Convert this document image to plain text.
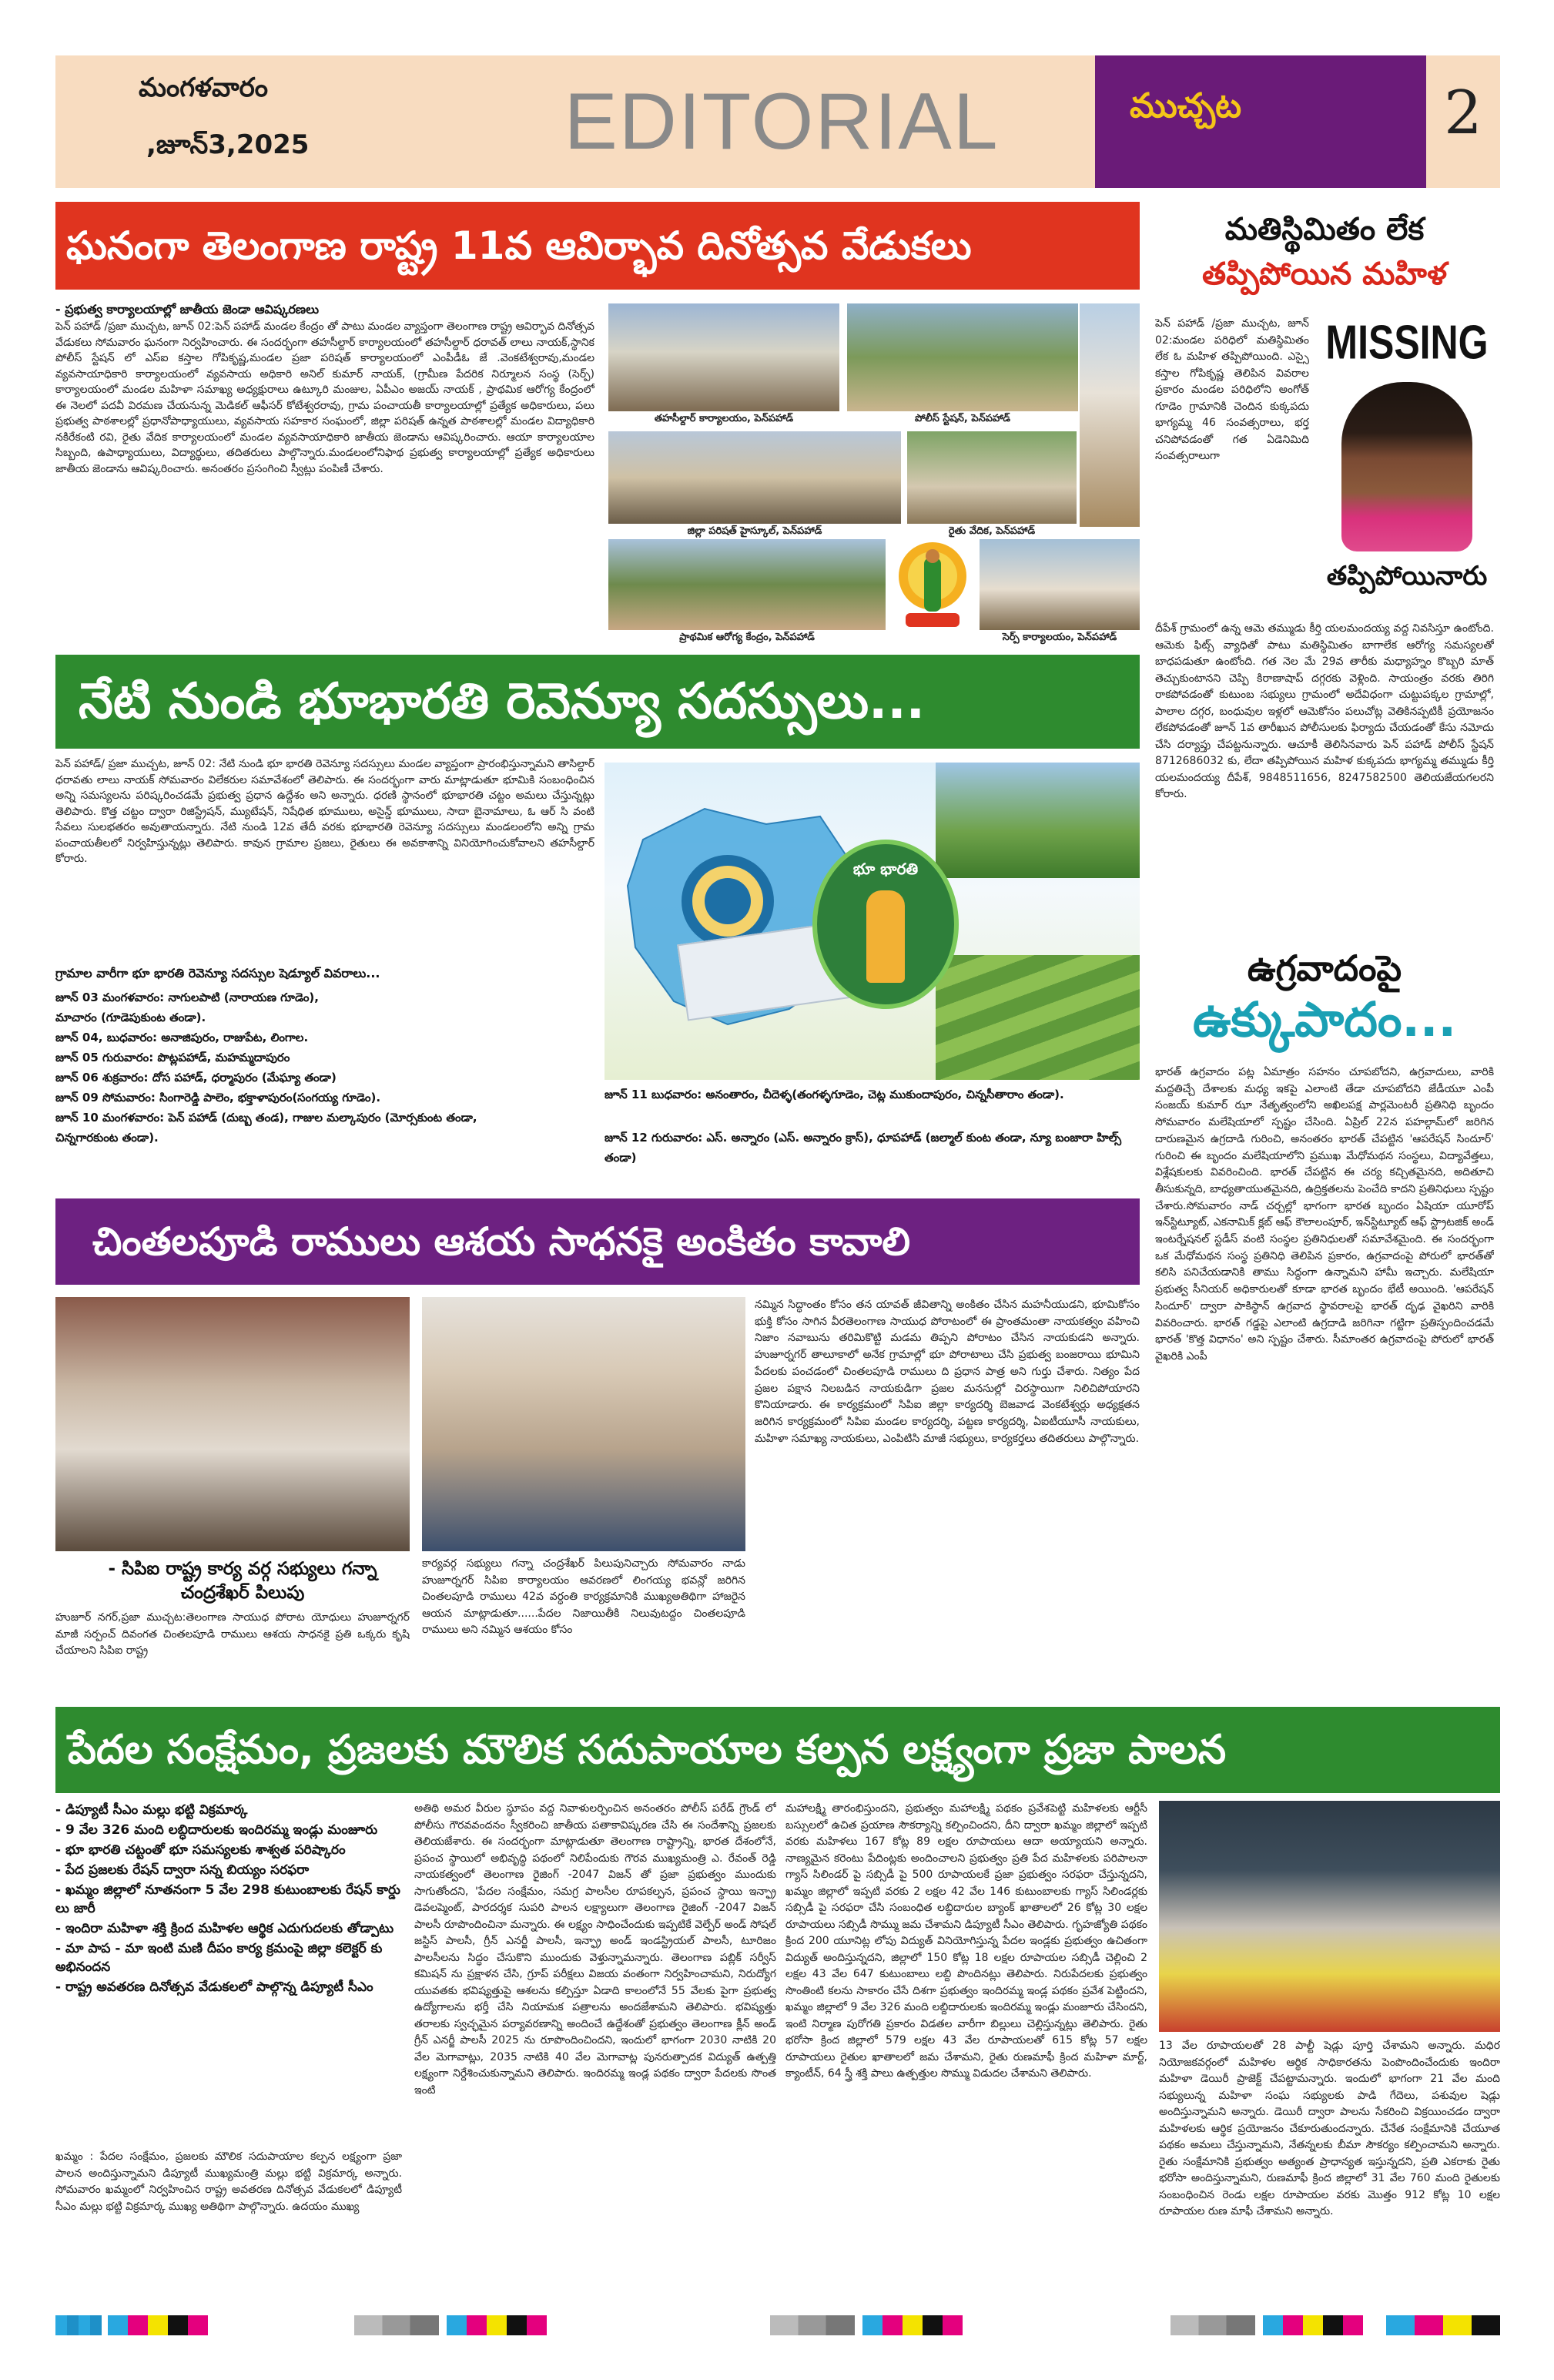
మంగళవారం
,జూన్3,2025	EDITORIAL	ముచ్చట	2
ఘనంగా తెలంగాణ రాష్ట్ర 11వ ఆవిర్భావ దినోత్సవ వేడుకలు
- ప్రభుత్వ కార్యాలయాల్లో జాతీయ జెండా ఆవిష్కరణలు
పెన్ పహాడ్ /ప్రజా ముచ్చట, జూన్ 02:పెన్ పహాడ్ మండల కేంద్రం తో పాటు మండల వ్యాప్తంగా తెలంగాణ రాష్ట్ర ఆవిర్భావ దినోత్సవ వేడుకలు సోమవారం ఘనంగా నిర్వహించారు. ఈ సందర్భంగా తహసీల్దార్ కార్యాలయంలో తహసీల్దార్ ధరావత్ లాలు నాయక్,స్థానిక పోలీస్ స్టేషన్ లో ఎస్ఐ కస్తాల గోపికృష్ణ,మండల ప్రజా పరిషత్ కార్యాలయంలో ఎంపీడీఓ జే .వెంకటేశ్వరావు,మండల వ్యవసాయాధికారి కార్యాలయంలో వ్యవసాయ అధికారి అనిల్ కుమార్ నాయక్, (గ్రామీణ పేదరిక నిర్మూలన సంస్థ (సెర్ప్) కార్యాలయంలో మండల మహిళా సమాఖ్య అధ్యక్షురాలు ఉట్కూరి మంజుల, ఏపీఎం అజయ్ నాయక్ , ప్రాథమిక ఆరోగ్య కేంద్రంలో ఈ నెలలో పదవీ విరమణ చేయనున్న మెడికల్ ఆఫీసర్ కోటేశ్వరరావు, గ్రామ పంచాయతీ కార్యాలయాల్లో ప్రత్యేక అధికారులు, పలు ప్రభుత్వ పాఠశాలల్లో ప్రధానోపాధ్యాయులు, వ్యవసాయ సహకార సంఘంలో, జిల్లా పరిషత్ ఉన్నత పాఠశాలల్లో మండల విద్యాధికారి నకిరేకంటి రవి, రైతు వేదిక కార్యాలయంలో మండల వ్యవసాయాధికారి జాతీయ జెండాను ఆవిష్కరించారు. ఆయా కార్యాలయాల సిబ్బంది, ఉపాధ్యాయులు, విద్యార్థులు, తదితరులు పాల్గొన్నారు.మండలంలోనిఫాథ ప్రభుత్వ కార్యాలయాల్లో ప్రత్యేక అధికారులు జాతీయ జెండాను ఆవిష్కరించారు. అనంతరం ప్రసంగించి స్వీట్లు పంపిణీ చేశారు.
తహసీల్దార్ కార్యాలయం, పెన్‌పహాడ్	పోలీస్ స్టేషన్, పెన్‌పహాడ్
జిల్లా పరిషత్ హైస్కూల్, పెన్‌పహాడ్	రైతు వేదిక, పెన్‌పహాడ్
ప్రాథమిక ఆరోగ్య కేంద్రం, పెన్‌పహాడ్	సెర్ప్ కార్యాలయం, పెన్‌పహాడ్
మతిస్థిమితం లేక
తప్పిపోయిన మహిళ
పెన్ పహాడ్ /ప్రజా ముచ్చట, జూన్ 02:మండల పరిధిలో మతిస్థిమితం లేక ఓ మహిళ తప్పిపోయింది. ఎస్సై కస్తాల గోపికృష్ణ తెలిపిన వివరాల ప్రకారం మండల పరిధిలోని అంగోత్ గూడెం గ్రామానికి చెందిన కుక్కపదు భాగ్యమ్మ 46 సంవత్సరాలు, భర్త చనిపోవడంతో గత ఏడెనిమిది సంవత్సరాలుగా
MISSING
తప్పిపోయినారు
దీపేశ్ గ్రామంలో ఉన్న ఆమె తమ్ముడు కీర్తి యలమందయ్య వద్ద నివసిస్తూ ఉంటోంది. ఆమెకు ఫిట్స్ వ్యాధితో పాటు మతిస్థిమితం బాగాలేక ఆరోగ్య సమస్యలతో బాధపడుతూ ఉంటోంది. గత నెల మే 29వ తారీకు మధ్యాహ్నం కొబ్బరి మాత్ తెచ్చుకుంటానని చెప్పి కిరాణాషాప్ దగ్గరకు వెళ్లింది. సాయంత్రం వరకు తిరిగి రాకపోవడంతో కుటుంబ సభ్యులు గ్రామంలో అదేవిధంగా చుట్టుపక్కల గ్రామాల్లో, పాలాల దగ్గర, బంధువుల ఇళ్లలో ఆమెకోసం పలుచోట్ల వెతికినప్పటికీ ప్రయోజనం లేకపోవడంతో జూన్ 1వ తారీఖున పోలీసులకు ఫిర్యాదు చేయడంతో కేసు నమోదు చేసి దర్యాప్తు చేపట్టనున్నారు. ఆచూకీ తెలిసినవారు పెన్ పహాడ్ పోలీస్ స్టేషన్ 8712686032 కు, లేదా తప్పిపోయిన మహిళ కుక్కపదు భాగ్యమ్మ తమ్ముడు కీర్తి యలమందయ్య దీపేశ్, 9848511656, 8247582500 తెలియజేయగలరని కోరారు.
నేటి నుండి భూభారతి రెవెన్యూ సదస్సులు...
పెన్ పహాడ్/ ప్రజా ముచ్చట, జూన్ 02: నేటి నుండి భూ భారతి రెవెన్యూ సదస్సులు మండల వ్యాప్తంగా ప్రారంభిస్తున్నామని తాసిల్దార్ ధరావతు లాలు నాయక్ సోమవారం విలేకరుల సమావేశంలో తెలిపారు. ఈ సందర్భంగా వారు మాట్లాడుతూ భూమికి సంబంధించిన అన్ని సమస్యలను పరిష్కరించడమే ప్రభుత్వ ప్రధాన ఉద్దేశం అని అన్నారు. ధరణి స్థానంలో భూభారతి చట్టం అమలు చేస్తున్నట్లు తెలిపారు. కొత్త చట్టం ద్వారా రిజిస్ట్రేషన్, మ్యుటేషన్, నిషేధిత భూములు, అసైన్డ్ భూములు, సాదా బైనామాలు, ఓ ఆర్ సి వంటి సేవలు సులభతరం అవుతాయన్నారు. నేటి నుండి 12వ తేదీ వరకు భూభారతి రెవెన్యూ సదస్సులు మండలంలోని అన్ని గ్రామ పంచాయతీలలో నిర్వహిస్తున్నట్లు తెలిపారు. కావున గ్రామాల ప్రజలు, రైతులు ఈ అవకాశాన్ని వినియోగించుకోవాలని తహసీల్దార్ కోరారు.
గ్రామాల వారీగా భూ భారతి రెవెన్యూ సదస్సుల షెడ్యూల్ వివరాలు...
జూన్ 03 మంగళవారం: నాగులపాటి (నారాయణ గూడెం),
మాచారం (గూడెపుకుంట తండా).
జూన్ 04, బుధవారం: అనాజిపురం, రాజుపేట, లింగాల.
జూన్ 05 గురువారం: పొట్లపహాడ్, మహమ్మదాపురం
జూన్ 06 శుక్రవారం: దోస పహాడ్, ధర్మాపురం (మేఘ్యా తండా)
జూన్ 09 సోమవారం: సింగారెడ్డి పాలెం, భక్తాళాపురం(సంగయ్య గూడెం).
జూన్ 10 మంగళవారం: పెన్ పహాడ్ (దుబ్బ తండ), గాజుల మల్కాపురం (మోర్సకుంట తండా,
చిన్నగారకుంట తండా).
భూ భారతి
జూన్ 11 బుధవారం: అనంతారం, చీదెళ్ళ(తంగళ్ళగూడెం, చెట్ల ముకుందాపురం, చిన్నసీతారాం తండా).
జూన్ 12 గురువారం: ఎస్. అన్నారం (ఎస్. అన్నారం క్రాస్), ధూపహాడ్ (జల్మాల్ కుంట తండా, న్యూ బంజారా హిల్స్ తండా)
ఉగ్రవాదంపై
ఉక్కుపాదం...
భారత్ ఉగ్రవాదం పట్ల ఏమాత్రం సహనం చూపబోదని, ఉగ్రవాదులు, వారికి మద్దతిచ్చే దేశాలకు మధ్య ఇకపై ఎలాంటి తేడా చూపబోదని జేడీయూ ఎంపీ సంజయ్ కుమార్ ఝా నేతృత్వంలోని అఖిలపక్ష పార్లమెంటరీ ప్రతినిధి బృందం సోమవారం మలేషియాలో స్పష్టం చేసింది. ఏప్రిల్ 22న పహల్గామ్‌లో జరిగిన దారుణమైన ఉగ్రదాడి గురించి, అనంతరం భారత్ చేపట్టిన 'ఆపరేషన్ సిందూర్' గురించి ఈ బృందం మలేషియాలోని ప్రముఖ మేధోమథన సంస్థలు, విద్యావేత్తలు, విశ్లేషకులకు వివరించింది. భారత్ చేపట్టిన ఈ చర్య కచ్చితమైనది, అదితూచి తీసుకున్నది, బాధ్యతాయుతమైనది, ఉద్రిక్తతలను పెంచేది కాదని ప్రతినిధులు స్పష్టం చేశారు.సోమవారం నాడ్ చర్చల్లో భాగంగా భారత బృందం ఏషియా యూరోప్ ఇన్‌స్టిట్యూట్, ఎకనామిక్ క్లబ్ ఆఫ్ కౌలాలంపూర్, ఇన్‌స్టిట్యూట్ ఆఫ్ స్ట్రాటజిక్ అండ్ ఇంటర్నేషనల్ స్టడీస్ వంటి సంస్థల ప్రతినిధులతో సమావేశమైంది. ఈ సందర్భంగా ఒక మేధోమథన సంస్థ ప్రతినిధి తెలిపిన ప్రకారం, ఉగ్రవాదంపై పోరులో భారత్‌తో కలిసి పనిచేయడానికి తాము సిద్ధంగా ఉన్నామని హామీ ఇచ్చారు. మలేషియా ప్రభుత్వ సీనియర్ అధికారులతో కూడా భారత బృందం భేటీ అయింది. 'ఆపరేషన్ సిందూర్' ద్వారా పాకిస్థాన్ ఉగ్రవాద స్థావరాలపై భారత్ దృఢ వైఖరిని వారికి వివరించారు. భారత్ గడ్డపై ఎలాంటి ఉగ్రదాడి జరిగినా గట్టిగా ప్రతిస్పందించడమే భారత్ 'కొత్త విధానం' అని స్పష్టం చేశారు. సీమాంతర ఉగ్రవాదంపై పోరులో భారత్ వైఖరికి ఎంపీ
చింతలపూడి రాములు ఆశయ సాధనకై అంకితం కావాలి
- సిపిఐ రాష్ట్ర కార్య వర్గ సభ్యులు గన్నా చంద్రశేఖర్ పిలుపు
హుజూర్ నగర్,ప్రజా ముచ్చట:తెలంగాణ సాయుధ పోరాట యోధులు హుజూర్నగర్ మాజీ సర్పంచ్ దివంగత చింతలపూడి రాములు ఆశయ సాధనకై ప్రతి ఒక్కరు కృషి చేయాలని సిపిఐ రాష్ట్ర
కార్యవర్గ సభ్యులు గన్నా చంద్రశేఖర్ పిలుపునిచ్చారు సోమవారం నాడు హుజూర్నగర్ సిపిఐ కార్యాలయం ఆవరణలో లింగయ్య భవన్లో జరిగిన చింతలపూడి రాములు 42వ వర్ధంతి కార్యక్రమానికి ముఖ్యఅతిథిగా హాజరైన ఆయన మాట్లాడుతూ......పేదల నిజాయితీకి నిలువుటద్దం చింతలపూడి రాములు అని నమ్మిన ఆశయం కోసం
నమ్మిన సిద్ధాంతం కోసం తన యావత్ జీవితాన్ని అంకితం చేసిన మహనీయుడని, భూమికోసం భుక్తి కోసం సాగిన వీరతెలంగాణ సాయుధ పోరాటంలో ఈ ప్రాంతమంతా నాయకత్వం వహించి నిజాం నవాబును తరిమికొట్టి మడమ తిప్పని పోరాటం చేసిన నాయకుడని అన్నారు. హుజూర్నగర్ తాలూకాలో అనేక గ్రామాల్లో భూ పోరాటాలు చేసి ప్రభుత్వ బంజరాయి భూమిని పేదలకు పంచడంలో చింతలపూడి రాములు ది ప్రధాన పాత్ర అని గుర్తు చేశారు. నిత్యం పేద ప్రజల పక్షాన నిలబడిన నాయకుడిగా ప్రజల మనసుల్లో చిరస్థాయిగా నిలిచిపోయారని కొనియాడారు. ఈ కార్యక్రమంలో సిపిఐ జిల్లా కార్యదర్శి బెజవాడ వెంకటేశ్వర్లు అధ్యక్షతన జరిగిన కార్యక్రమంలో సిపిఐ మండల కార్యదర్శి, పట్టణ కార్యదర్శి, ఏఐటీయూసీ నాయకులు, మహిళా సమాఖ్య నాయకులు, ఎంపిటిసి మాజీ సభ్యులు, కార్యకర్తలు తదితరులు పాల్గొన్నారు.
పేదల సంక్షేమం, ప్రజలకు మౌలిక సదుపాయాల కల్పన లక్ష్యంగా ప్రజా పాలన
- డిప్యూటీ సీఎం మల్లు భట్టి విక్రమార్క
- 9 వేల 326 మంది లబ్ధిదారులకు ఇందిరమ్మ ఇండ్లు మంజూరు
- భూ భారతి చట్టంతో భూ సమస్యలకు శాశ్వత పరిష్కారం
- పేద ప్రజలకు రేషన్ ద్వారా సన్న బియ్యం సరఫరా
- ఖమ్మం జిల్లాలో నూతనంగా 5 వేల 298 కుటుంబాలకు రేషన్ కార్డు లు జారీ
- ఇందిరా మహిళా శక్తి క్రింద మహిళల ఆర్థిక ఎదుగుదలకు తోడ్పాటు
- మా పాప - మా ఇంటి మణి దీపం కార్య క్రమంపై జిల్లా కలెక్టర్ కు అభినందన
- రాష్ట్ర అవతరణ దినోత్సవ వేడుకలలో పాల్గొన్న డిప్యూటీ సీఎం
ఖమ్మం : పేదల సంక్షేమం, ప్రజలకు మౌలిక సదుపాయాల కల్పన లక్ష్యంగా ప్రజా పాలన అందిస్తున్నామని డిప్యూటీ ముఖ్యమంత్రి మల్లు భట్టి విక్రమార్క అన్నారు. సోమవారం ఖమ్మంలో నిర్వహించిన రాష్ట్ర అవతరణ దినోత్సవ వేడుకలలో డిప్యూటీ సీఎం మల్లు భట్టి విక్రమార్క ముఖ్య అతిథిగా పాల్గొన్నారు. ఉదయం ముఖ్య
అతిథి అమర వీరుల స్థూపం వద్ద నివాళులర్పించిన అనంతరం పోలీస్ పరేడ్ గ్రౌండ్ లో పోలీసు గౌరవవందనం స్వీకరించి జాతీయ పతాకావిష్కరణ చేసి ఈ సందేశాన్ని ప్రజలకు తెలియజేశారు. ఈ సందర్భంగా మాట్లాడుతూ తెలంగాణ రాష్ట్రాన్ని, భారత దేశంలోనే, ప్రపంచ స్థాయిలో అభివృద్ధి పథంలో నిలిపేందుకు గౌరవ ముఖ్యమంత్రి ఎ. రేవంత్ రెడ్డి నాయకత్వంలో తెలంగాణ రైజింగ్ -2047 విజన్ తో ప్రజా ప్రభుత్వం ముందుకు సాగుతోందని, 'పేదల సంక్షేమం, సమగ్ర పాలసీల రూపకల్పన, ప్రపంచ స్థాయి ఇన్ఫ్రా డెవలప్మెంట్, పారదర్శక సుపరి పాలన లక్ష్యాలుగా తెలంగాణ రైజింగ్ -2047 విజన్ పాలసీ రూపొందించినా మన్నారు. ఈ లక్ష్యం సాధించేందుకు ఇప్పటికే వెల్పేర్ అండ్ సోషల్ జస్టిస్ పాలసీ, గ్రీన్ ఎనర్జీ పాలసీ, ఇన్ఫ్రా అండ్ ఇండస్ట్రియల్ పాలసీ, టూరిజం పాలసీలను సిద్ధం చేసుకొని ముందుకు వెళ్తున్నామన్నారు. తెలంగాణ పబ్లిక్ సర్వీస్ కమిషన్ ను ప్రక్షాళన చేసి, గ్రూప్ పరీక్షలు విజయ వంతంగా నిర్వహించామని, నిరుద్యోగ యువతకు భవిష్యత్తుపై ఆశలను కల్పిస్తూ ఏడాది కాలంలోనే 55 వేలకు పైగా ప్రభుత్వ ఉద్యోగాలను భర్తీ చేసి నియామక పత్రాలను అందజేశామని తెలిపారు. భవిష్యత్తు తరాలకు స్వచ్ఛమైన పర్యావరణాన్ని అందించే ఉద్దేశంతో ప్రభుత్వం తెలంగాణ క్లీన్ అండ్ గ్రీన్ ఎనర్జీ పాలసీ 2025 ను రూపొందించిందని, ఇందులో భాగంగా 2030 నాటికి 20 వేల మెగావాట్లు, 2035 నాటికి 40 వేల మెగావాట్ల పునరుత్పాదక విద్యుత్ ఉత్పత్తి లక్ష్యంగా నిర్దేశించుకున్నామని తెలిపారు. ఇందిరమ్మ ఇండ్ల పథకం ద్వారా పేదలకు సొంత ఇంటి
మహాలక్ష్మి తారంభిస్తుందని, ప్రభుత్వం మహాలక్ష్మి పథకం ప్రవేశపెట్టి మహిళలకు ఆర్టీసీ బస్సులలో ఉచిత ప్రయాణ సౌకర్యాన్ని కల్పించిందని, దీని ద్వారా ఖమ్మం జిల్లాలో ఇప్పటి వరకు మహిళలు 167 కోట్ల 89 లక్షల రూపాయలు ఆదా అయ్యాయని అన్నారు. నాణ్యమైన కరెంటు పేదింట్లకు అందించాలని ప్రభుత్వం ప్రతి పేద మహిళలకు పరిపాలనా గ్యాస్ సిలిండర్ పై సబ్సిడీ పై 500 రూపాయలకే ప్రజా ప్రభుత్వం సరఫరా చేస్తున్నదని, ఖమ్మం జిల్లాలో ఇప్పటి వరకు 2 లక్షల 42 వేల 146 కుటుంబాలకు గ్యాస్ సిలిండర్లకు సబ్సిడీ పై సరఫరా చేసి సంబంధిత లబ్ధిదారుల బ్యాంక్ ఖాతాలలో 26 కోట్ల 30 లక్షల రూపాయలు సబ్సిడీ సొమ్ము జమ చేశామని డిప్యూటీ సీఎం తెలిపారు. గృహజ్యోతి పథకం క్రింద 200 యూనిట్ల లోపు విద్యుత్ వినియోగిస్తున్న పేదల ఇండ్లకు ప్రభుత్వం ఉచితంగా విద్యుత్ అందిస్తున్నదని, జిల్లాలో 150 కోట్ల 18 లక్షల రూపాయల సబ్సిడీ చెల్లించి 2 లక్షల 43 వేల 647 కుటుంబాలు లబ్ది పొందినట్లు తెలిపారు. నిరుపేదలకు ప్రభుత్వం సొంతింటి కలను సాకారం చేసే దిశగా ప్రభుత్వం ఇందిరమ్మ ఇండ్ల పథకం ప్రవేశ పెట్టిందని, ఖమ్మం జిల్లాలో 9 వేల 326 మంది లబ్దిదారులకు ఇందిరమ్మ ఇండ్లు మంజూరు చేసిందని, ఇంటి నిర్మాణ పురోగతి ప్రకారం విడతల వారీగా బిల్లులు చెల్లిస్తున్నట్లు తెలిపారు. రైతు భరోసా క్రింద జిల్లాలో 579 లక్షల 43 వేల రూపాయలతో 615 కోట్ల 57 లక్షల రూపాయలు రైతుల ఖాతాలలో జమ చేశామని, రైతు రుణమాఫీ క్రింద మహిళా మార్ట్, క్యాంటీన్, 64 స్త్రీ శక్తి పాలు ఉత్పత్తుల సొమ్ము విడుదల చేశామని తెలిపారు.
13 వేల రూపాయలతో 28 పాల్టీ షెడ్లు పూర్తి చేశామని అన్నారు. మధిర నియోజకవర్గంలో మహిళల ఆర్థిక సాధికారతను పెంపొందించేందుకు ఇందిరా మహిళా డెయిరీ ప్రాజెక్ట్ చేపట్టామన్నారు. ఇందులో భాగంగా 21 వేల మంది సభ్యులున్న మహిళా సంఘ సభ్యులకు పాడి గేదెలు, పశువుల షెడ్లు అందిస్తున్నామని అన్నారు. డెయిరీ ద్వారా పాలను సేకరించి విక్రయించడం ద్వారా మహిళలకు ఆర్థిక ప్రయోజనం చేకూరుతుందన్నారు. చేనేత సంక్షేమానికి చేయూత పథకం అమలు చేస్తున్నామని, నేతన్నలకు బీమా సౌకర్యం కల్పించామని అన్నారు. రైతు సంక్షేమానికి ప్రభుత్వం అత్యంత ప్రాధాన్యత ఇస్తున్నదని, ప్రతి ఎకరాకు రైతు భరోసా అందిస్తున్నామని, రుణమాఫీ క్రింద జిల్లాలో 31 వేల 760 మంది రైతులకు సంబంధించిన రెండు లక్షల రూపాయల వరకు మొత్తం 912 కోట్ల 10 లక్షల రూపాయల రుణ మాఫీ చేశామని అన్నారు.
